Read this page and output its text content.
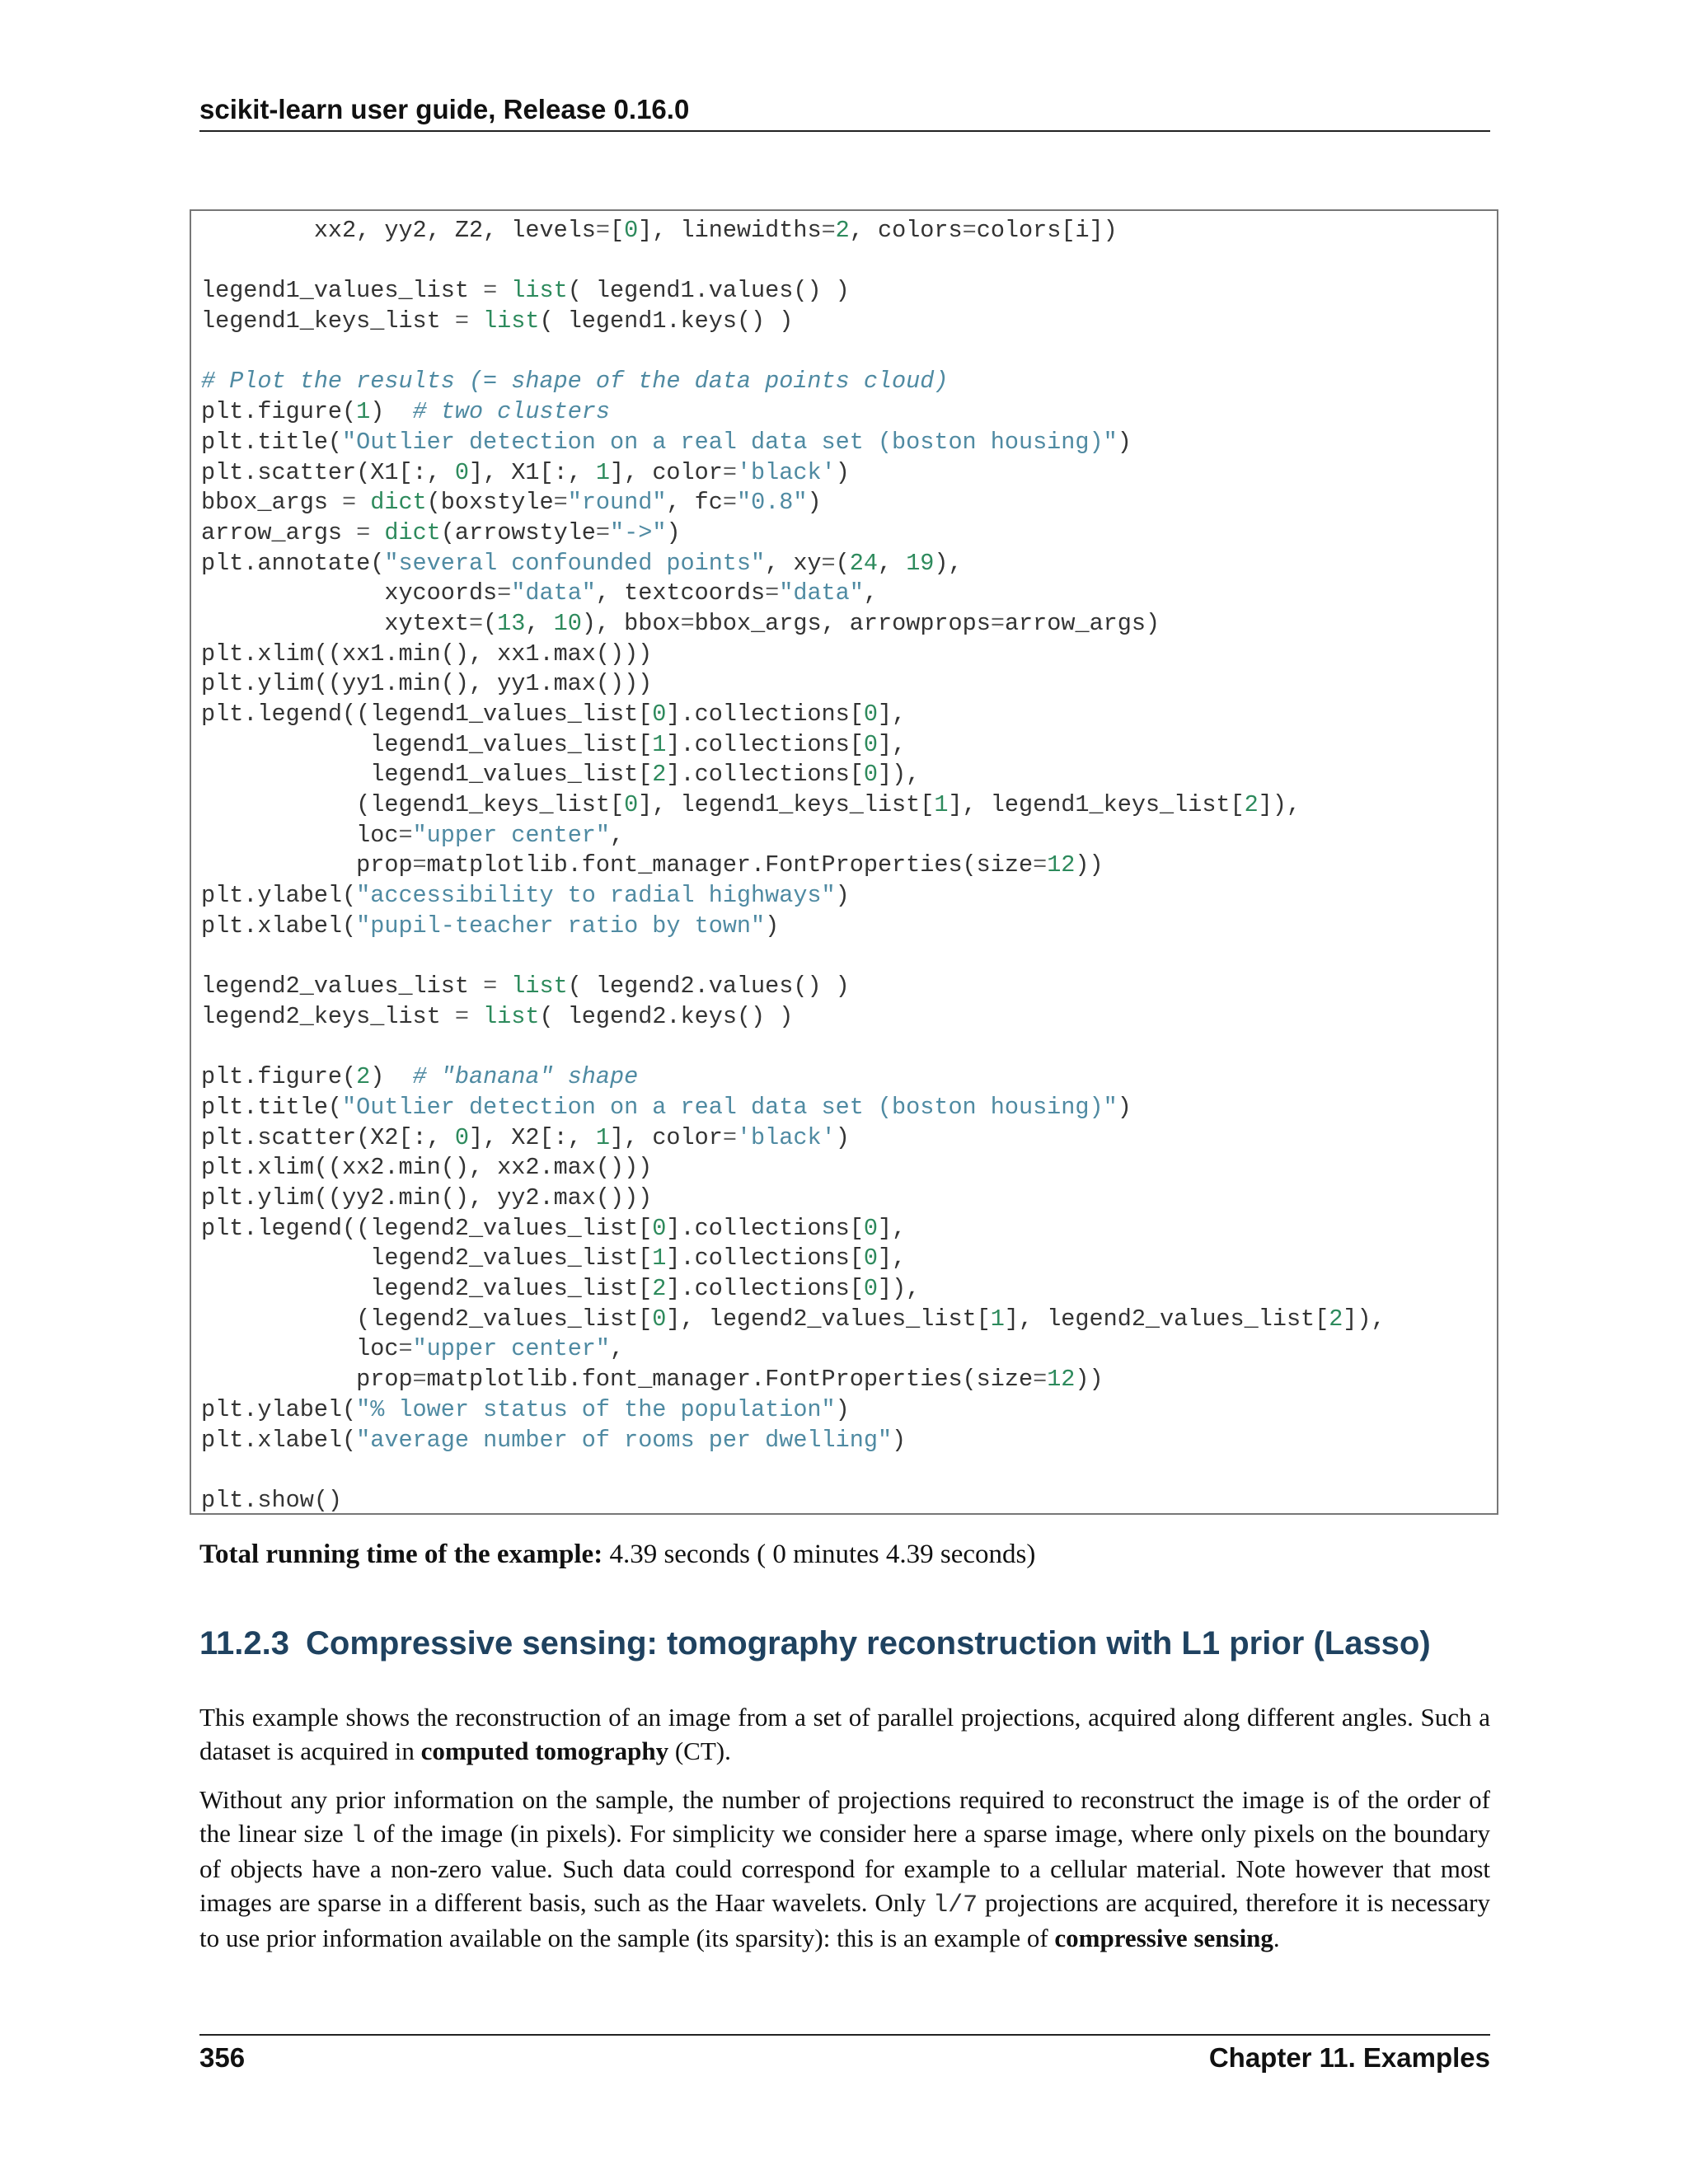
scikit-learn user guide, Release 0.16.0
xx2, yy2, Z2, levels=[0], linewidths=2, colors=colors[i])
legend1_values_list = list( legend1.values() )
legend1_keys_list = list( legend1.keys() )
# Plot the results (= shape of the data points cloud)
plt.figure(1)  # two clusters
plt.title("Outlier detection on a real data set (boston housing)")
plt.scatter(X1[:, 0], X1[:, 1], color='black')
bbox_args = dict(boxstyle="round", fc="0.8")
arrow_args = dict(arrowstyle="->")
plt.annotate("several confounded points", xy=(24, 19),
xycoords="data", textcoords="data",
xytext=(13, 10), bbox=bbox_args, arrowprops=arrow_args)
plt.xlim((xx1.min(), xx1.max()))
plt.ylim((yy1.min(), yy1.max()))
plt.legend((legend1_values_list[0].collections[0],
legend1_values_list[1].collections[0],
legend1_values_list[2].collections[0]),
(legend1_keys_list[0], legend1_keys_list[1], legend1_keys_list[2]),
loc="upper center",
prop=matplotlib.font_manager.FontProperties(size=12))
plt.ylabel("accessibility to radial highways")
plt.xlabel("pupil-teacher ratio by town")
legend2_values_list = list( legend2.values() )
legend2_keys_list = list( legend2.keys() )
plt.figure(2)  # "banana" shape
plt.title("Outlier detection on a real data set (boston housing)")
plt.scatter(X2[:, 0], X2[:, 1], color='black')
plt.xlim((xx2.min(), xx2.max()))
plt.ylim((yy2.min(), yy2.max()))
plt.legend((legend2_values_list[0].collections[0],
legend2_values_list[1].collections[0],
legend2_values_list[2].collections[0]),
(legend2_values_list[0], legend2_values_list[1], legend2_values_list[2]),
loc="upper center",
prop=matplotlib.font_manager.FontProperties(size=12))
plt.ylabel("% lower status of the population")
plt.xlabel("average number of rooms per dwelling")
plt.show()
Total running time of the example: 4.39 seconds ( 0 minutes 4.39 seconds)
11.2.3 Compressive sensing: tomography reconstruction with L1 prior (Lasso)

This example shows the reconstruction of an image from a set of parallel projections, acquired along different angles. Such a dataset is acquired in computed tomography (CT).

Without any prior information on the sample, the number of projections required to reconstruct the image is of the order of the linear size l of the image (in pixels). For simplicity we consider here a sparse image, where only pixels on the boundary of objects have a non-zero value. Such data could correspond for example to a cellular material. Note however that most images are sparse in a different basis, such as the Haar wavelets. Only l/7 projections are acquired, therefore it is necessary to use prior information available on the sample (its sparsity): this is an example of compressive sensing.

356	Chapter 11. Examples
